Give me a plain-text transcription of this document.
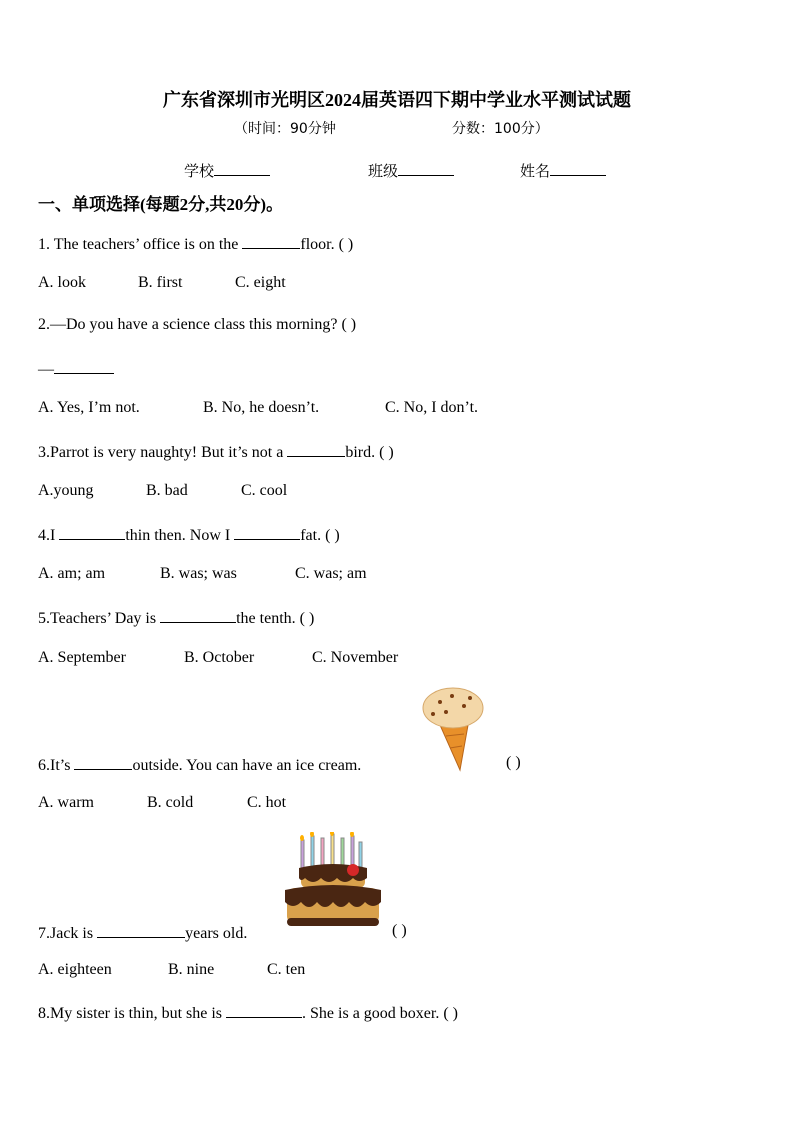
广东省深圳市光明区2024届英语四下期中学业水平测试试题
（时间：90分钟	分数：100分）
学校	班级	姓名
一、单项选择(每题2分,共20分)。
1. The teachers’ office is on the	floor. ( )
A. look	B. first	C. eight
2.—Do you have a science class this morning? ( )
—
A. Yes, I’m not.	B. No, he doesn’t.	C. No, I don’t.
3.Parrot is very naughty! But it’s not a	bird. ( )
A.young	B. bad	C. cool
4.I	thin then. Now I	fat. ( )
A. am; am	B. was; was	C. was; am
5.Teachers’ Day is	the tenth. ( )
A. September	B. October	C. November
6.It’s	outside. You can have an ice cream.	( )
A. warm	B. cold	C. hot
7.Jack is	years old.	( )
A. eighteen	B. nine	C. ten
8.My sister is thin, but she is	. She is a good boxer. ( )
